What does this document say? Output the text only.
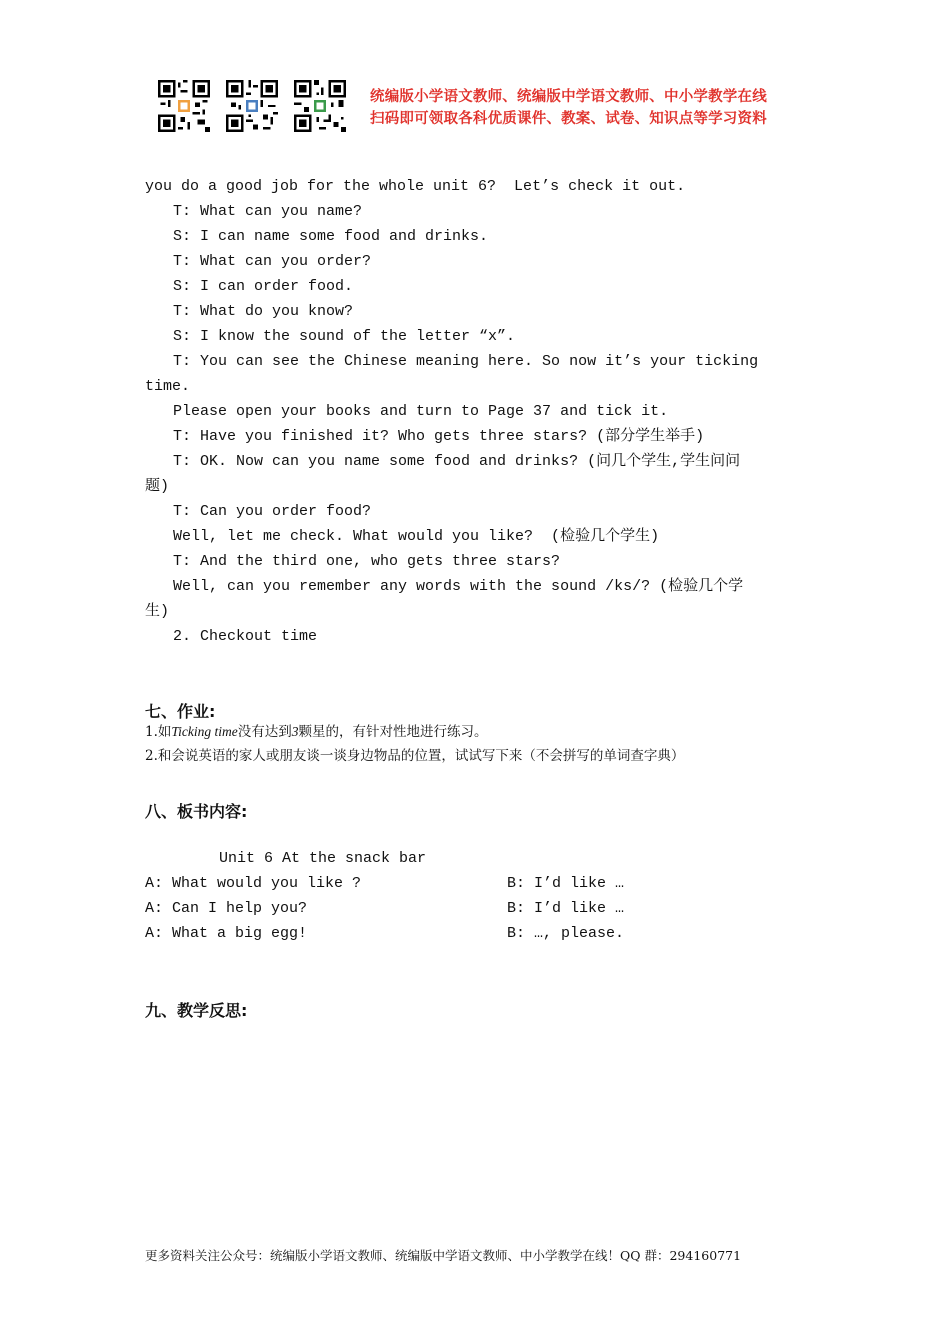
统编版小学语文教师、统编版中学语文教师、中小学教学在线
扫码即可领取各科优质课件、教案、试卷、知识点等学习资料
you do a good job for the whole unit 6?  Let’s check it out.
T: What can you name?
S: I can name some food and drinks.
T: What can you order?
S: I can order food.
T: What do you know?
S: I know the sound of the letter “x”.
T: You can see the Chinese meaning here. So now it’s your ticking
time.
Please open your books and turn to Page 37 and tick it.
T: Have you finished it? Who gets three stars? (部分学生举手)
T: OK. Now can you name some food and drinks? (问几个学生,学生问问
题)
T: Can you order food?
Well, let me check. What would you like?  (检验几个学生)
T: And the third one, who gets three stars?
Well, can you remember any words with the sound /ks/? (检验几个学
生)
2. Checkout time
七、作业:
1.如Ticking time没有达到3颗星的，有针对性地进行练习。
2.和会说英语的家人或朋友谈一谈身边物品的位置，试试写下来（不会拼写的单词查字典）
八、板书内容:
Unit 6 At the snack bar
A: What would you like ?	B: I’d like …
A: Can I help you?	B: I’d like …
A: What a big egg!	B: …, please.
九、教学反思:
更多资料关注公众号：统编版小学语文教师、统编版中学语文教师、中小学教学在线！QQ 群：294160771
